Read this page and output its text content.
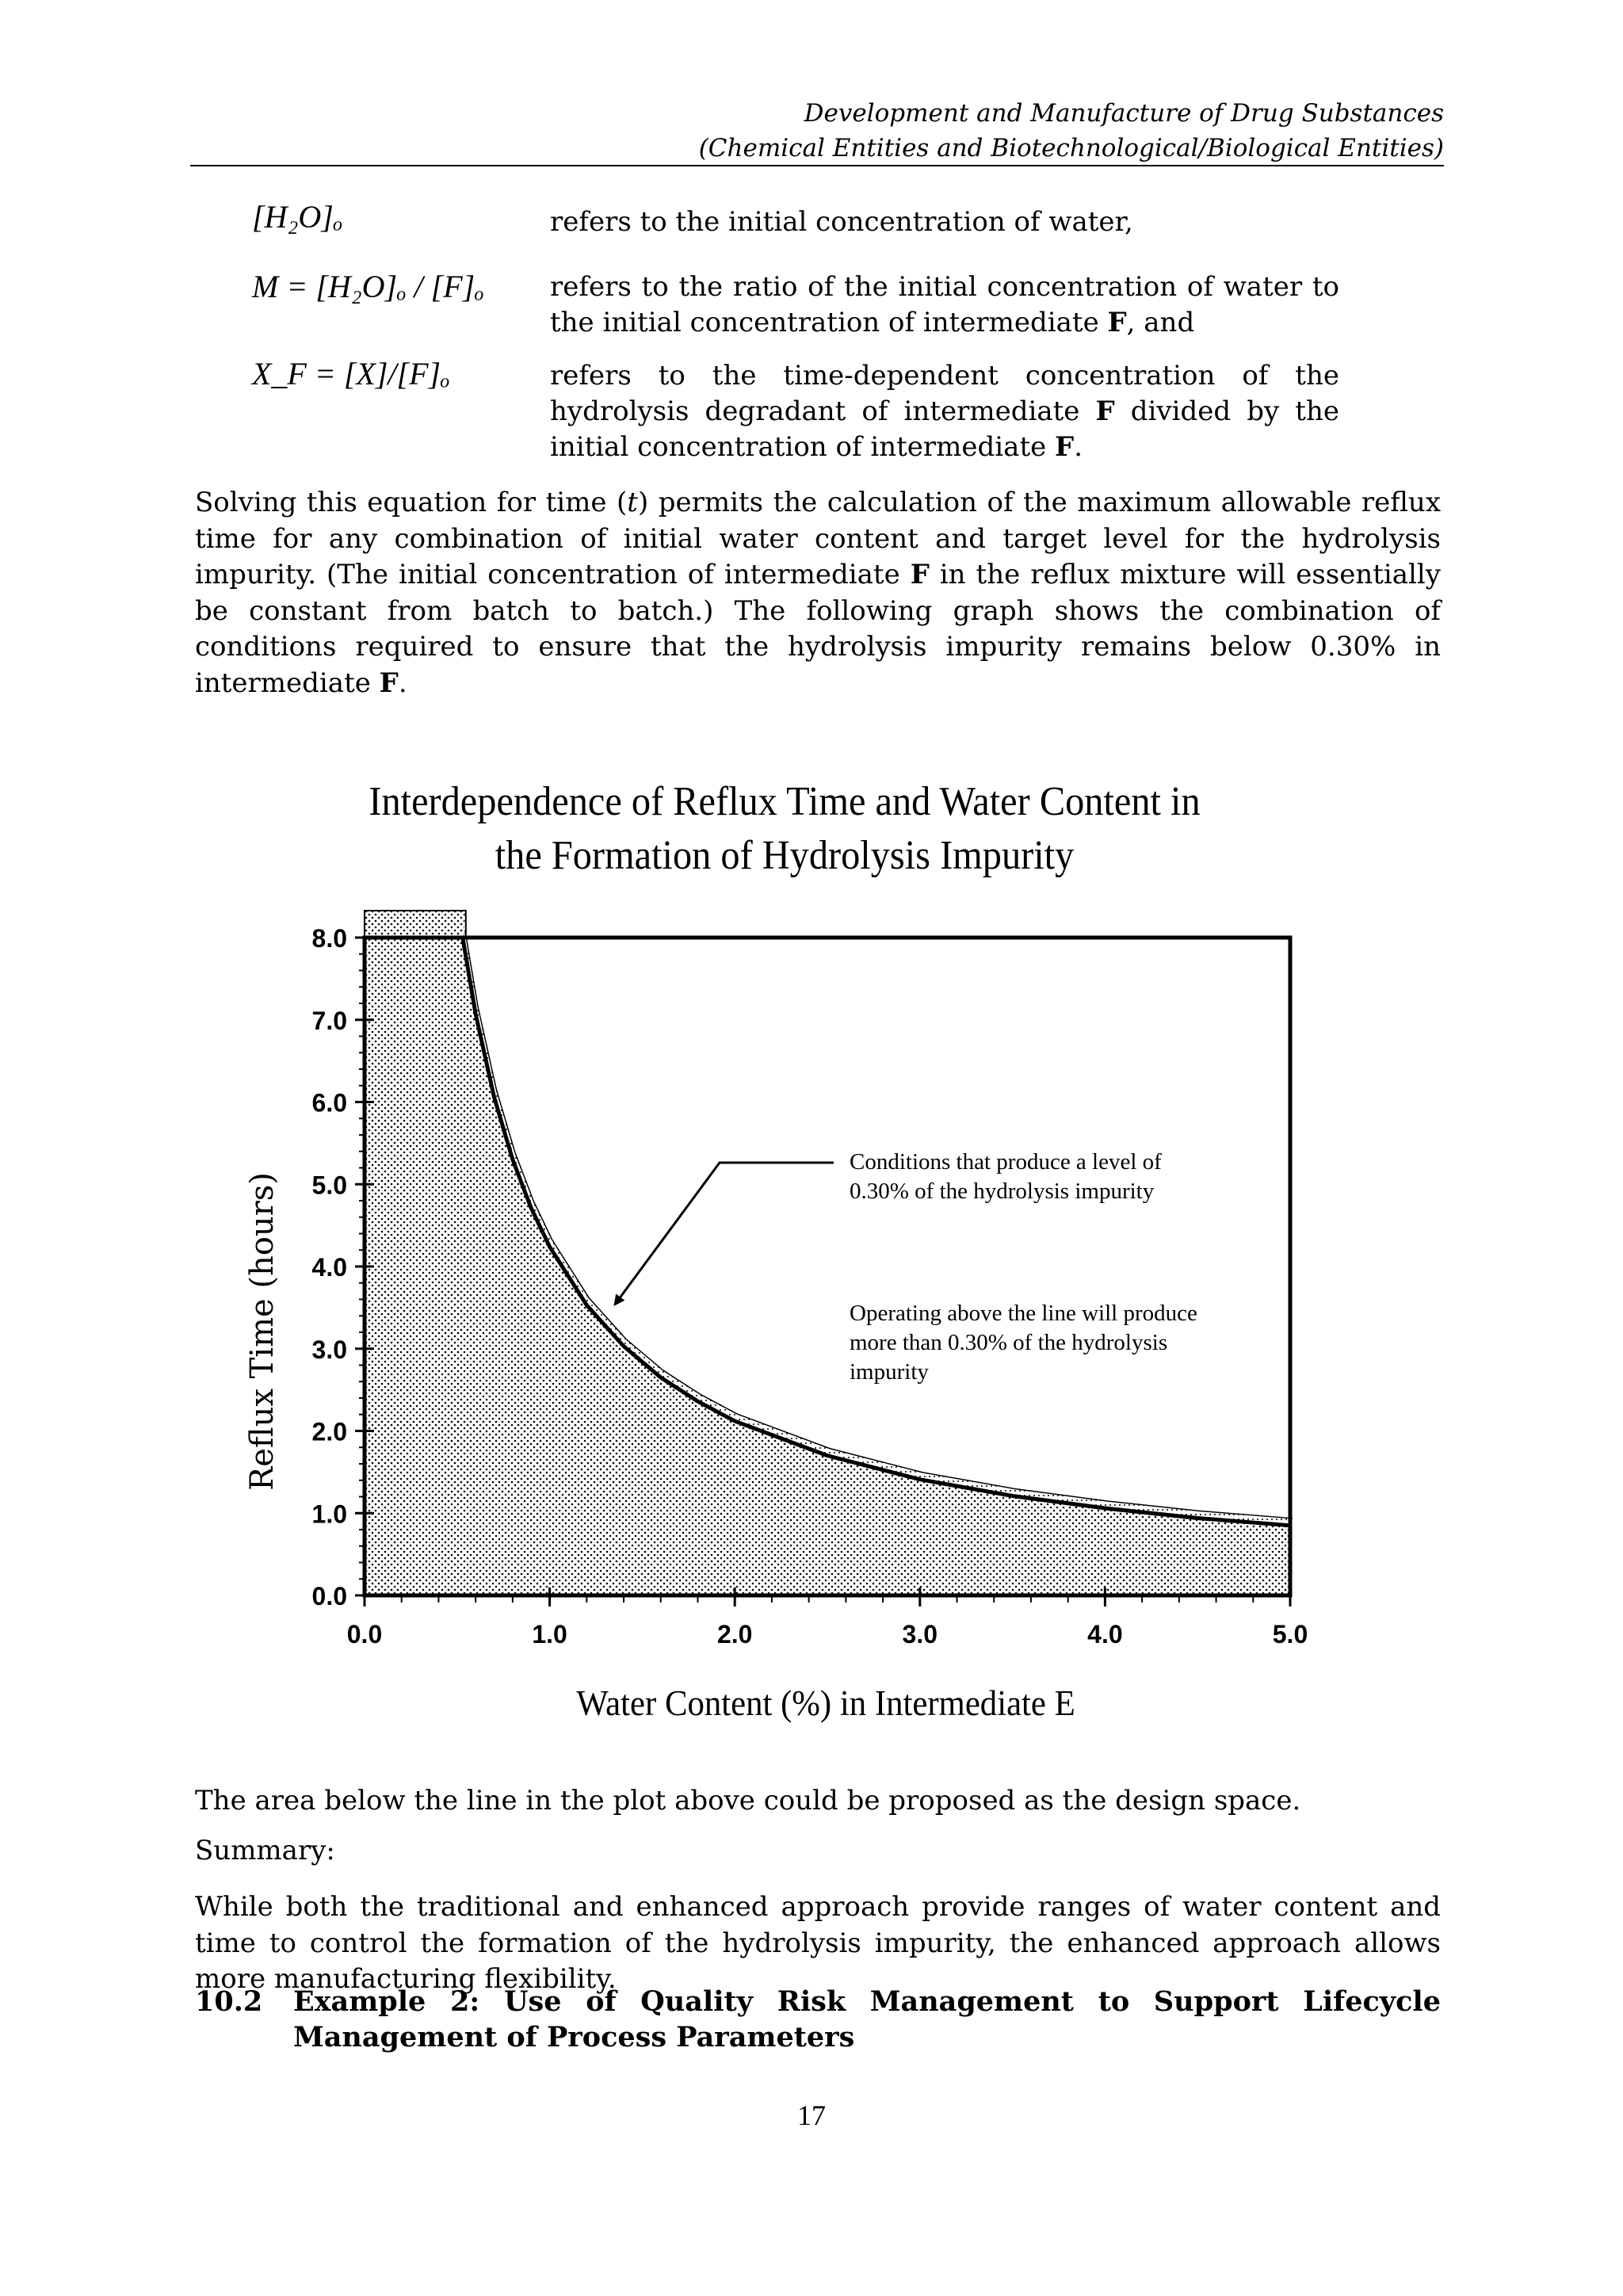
Development and Manufacture of Drug Substances
(Chemical Entities and Biotechnological/Biological Entities)
[H₂O]ₒ	refers to the initial concentration of water,
M = [H₂O]ₒ / [F]ₒ refers to the ratio of the initial concentration of water to the initial concentration of intermediate F, and
X_F = [X]/[F]ₒ	refers to the time-dependent concentration of the hydrolysis degradant of intermediate F divided by the initial concentration of intermediate F.
Solving this equation for time (t) permits the calculation of the maximum allowable reflux time for any combination of initial water content and target level for the hydrolysis impurity. (The initial concentration of intermediate F in the reflux mixture will essentially be constant from batch to batch.) The following graph shows the combination of conditions required to ensure that the hydrolysis impurity remains below 0.30% in intermediate F.
Interdependence of Reflux Time and Water Content in
the Formation of Hydrolysis Impurity
0.0
1.0
2.0
3.0
4.0
5.0
6.0
7.0
8.0
0.0	1.0	2.0	3.0	4.0	5.0
Reflux Time (hours)
Water Content (%) in Intermediate E
Conditions that produce a level of
0.30% of the hydrolysis impurity
Operating above the line will produce
more than 0.30% of the hydrolysis
impurity
The area below the line in the plot above could be proposed as the design space.
Summary:
While both the traditional and enhanced approach provide ranges of water content and time to control the formation of the hydrolysis impurity, the enhanced approach allows more manufacturing flexibility.
10.2 Example 2: Use of Quality Risk Management to Support Lifecycle Management of Process Parameters
17
